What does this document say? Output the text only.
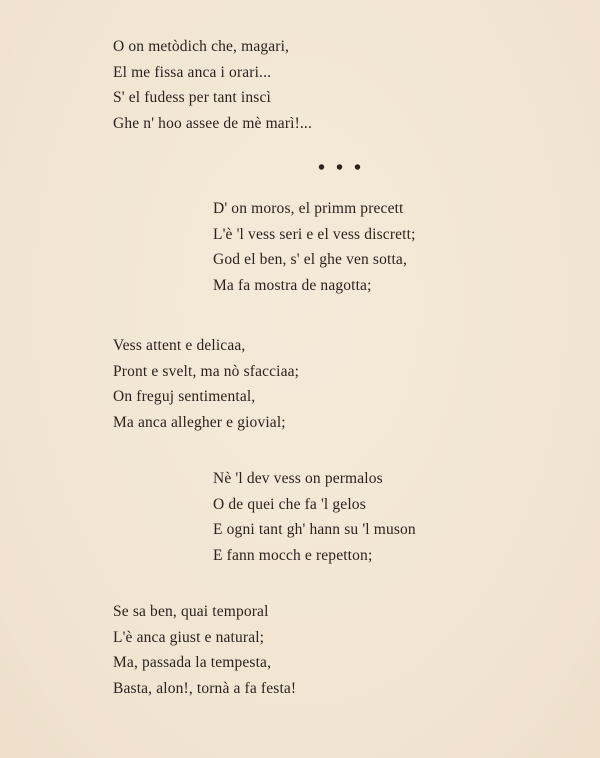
O on metòdich che, magari,
El me fissa anca i orari...
S' el fudess per tant inscì
Ghe n' hoo assee de mè marì!...
• • •
D' on moros, el primm precett
L'è 'l vess seri e el vess discrett;
God el ben, s' el ghe ven sotta,
Ma fa mostra de nagotta;
Vess attent e delicaa,
Pront e svelt, ma nò sfacciaa;
On freguj sentimental,
Ma anca allegher e giovial;
Nè 'l dev vess on permalos
O de quei che fa 'l gelos
E ogni tant gh' hann su 'l muson
E fann mocch e repetton;
Se sa ben, quai temporal
L'è anca giust e natural;
Ma, passada la tempesta,
Basta, alon!, tornà a fa festa!
